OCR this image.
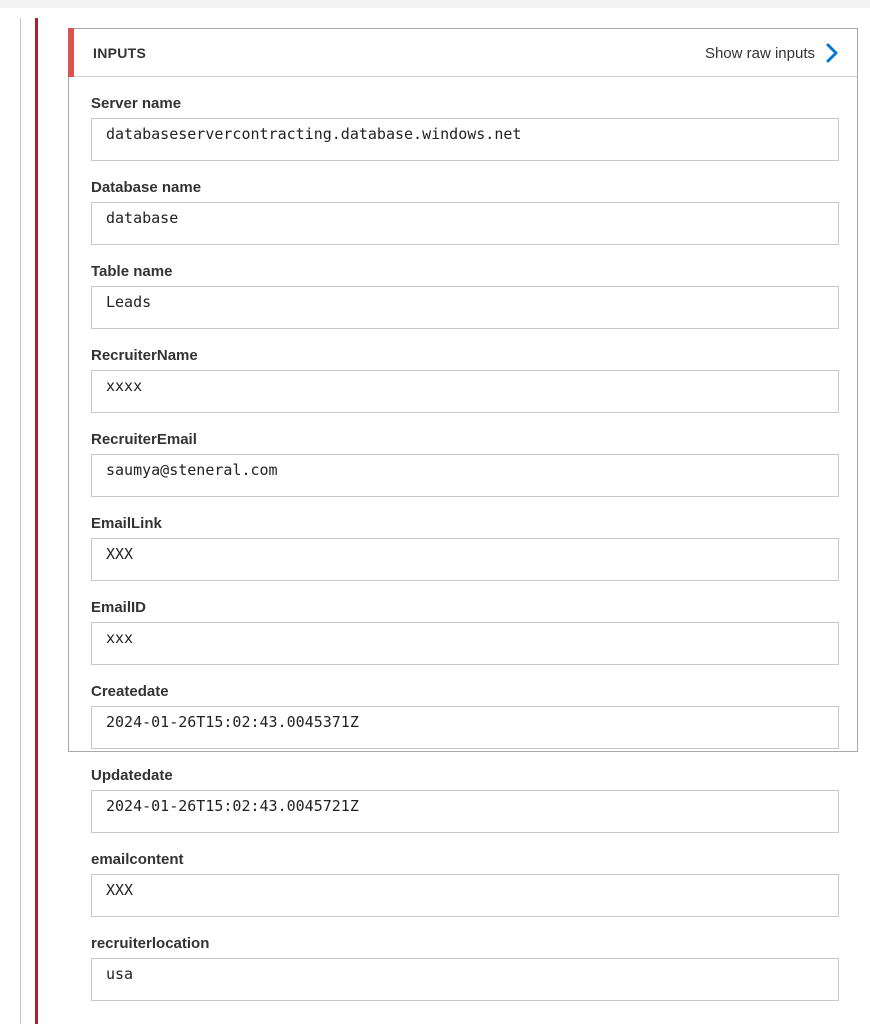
INPUTS	Show raw inputs
Server name
databaseservercontracting.database.windows.net
Database name
database
Table name
Leads
RecruiterName
xxxx
RecruiterEmail
saumya@steneral.com
EmailLink
XXX
EmailID
xxx
Createdate
2024-01-26T15:02:43.0045371Z
Updatedate
2024-01-26T15:02:43.0045721Z
emailcontent
XXX
recruiterlocation
usa
